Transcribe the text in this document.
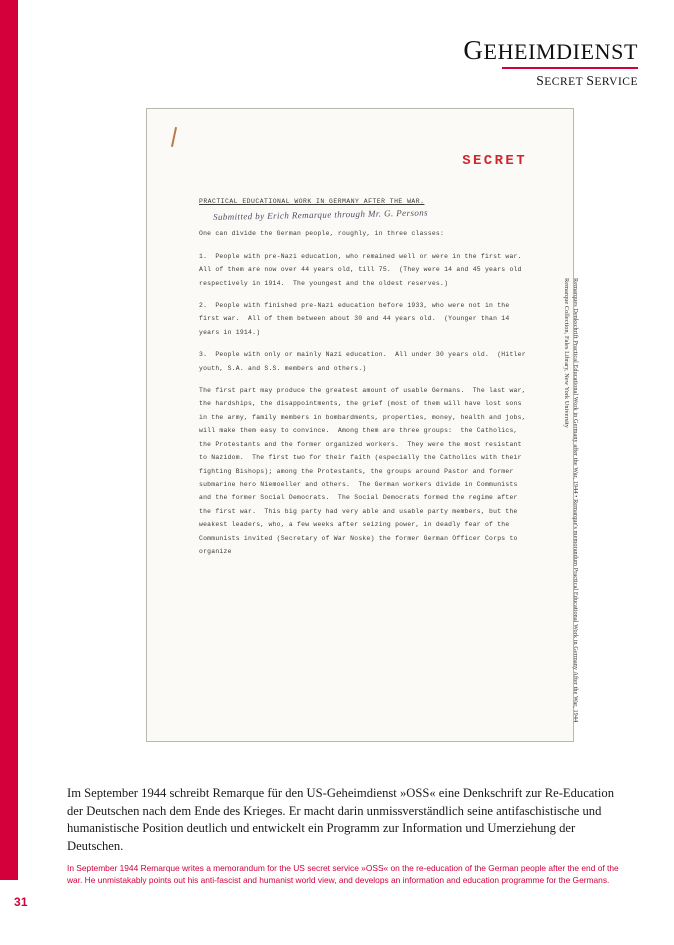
31
GEHEIMDIENST
SECRET SERVICE
SECRET
PRACTICAL EDUCATIONAL WORK IN GERMANY AFTER THE WAR.
Submitted by Erich Remarque through Mr. G. Persons

One can divide the German people, roughly, in three classes:

1.  People with pre-Nazi education, who remained well or were in the first war.  All of them are now over 44 years old, till 75.  (They were 14 and 45 years old respectively in 1914.  The youngest and the oldest reserves.)

2.  People with finished pre-Nazi education before 1933, who were not in the first war.  All of them between about 30 and 44 years old.  (Younger than 14 years in 1914.)

3.  People with only or mainly Nazi education.  All under 30 years old.  (Hitler youth, S.A. and S.S. members and others.)

The first part may produce the greatest amount of usable Germans.  The last war, the hardships, the disappointments, the grief (most of them will have lost sons in the army, family members in bombardments, properties, money, health and jobs, will make them easy to convince.  Among them are three groups:  the Catholics, the Protestants and the former organized workers.  They were the most resistant to Nazidom.  The first two for their faith (especially the Catholics with their fighting Bishops); among the Protestants, the groups around Pastor and former submarine hero Niemoeller and others.  The German workers divide in Communists and the former Social Democrats.  The Social Democrats formed the regime after the first war.  This big party had very able and usable party members, but the weakest leaders, who, a few weeks after seizing power, in deadly fear of the Communists invited (Secretary of War Noske) the former German Officer Corps to organize	Remarques Denkschrift Practical Educational Work in Germany after the War, 1944 • Remarque's memorandum Practical Educational Work in Germany After the War, 1944
Remarque Collection, Fales Library, New York University
Im September 1944 schreibt Remarque für den US-Geheimdienst »OSS« eine Denkschrift zur Re-Education der Deutschen nach dem Ende des Krieges. Er macht darin unmissverständlich seine antifaschistische und humanistische Position deutlich und entwickelt ein Programm zur Information und Umerziehung der Deutschen.
In September 1944 Remarque writes a memorandum for the US secret service »OSS« on the re-education of the German people after the end of the war. He unmistakably points out his anti-fascist and humanist world view, and develops an information and education programme for the Germans.
